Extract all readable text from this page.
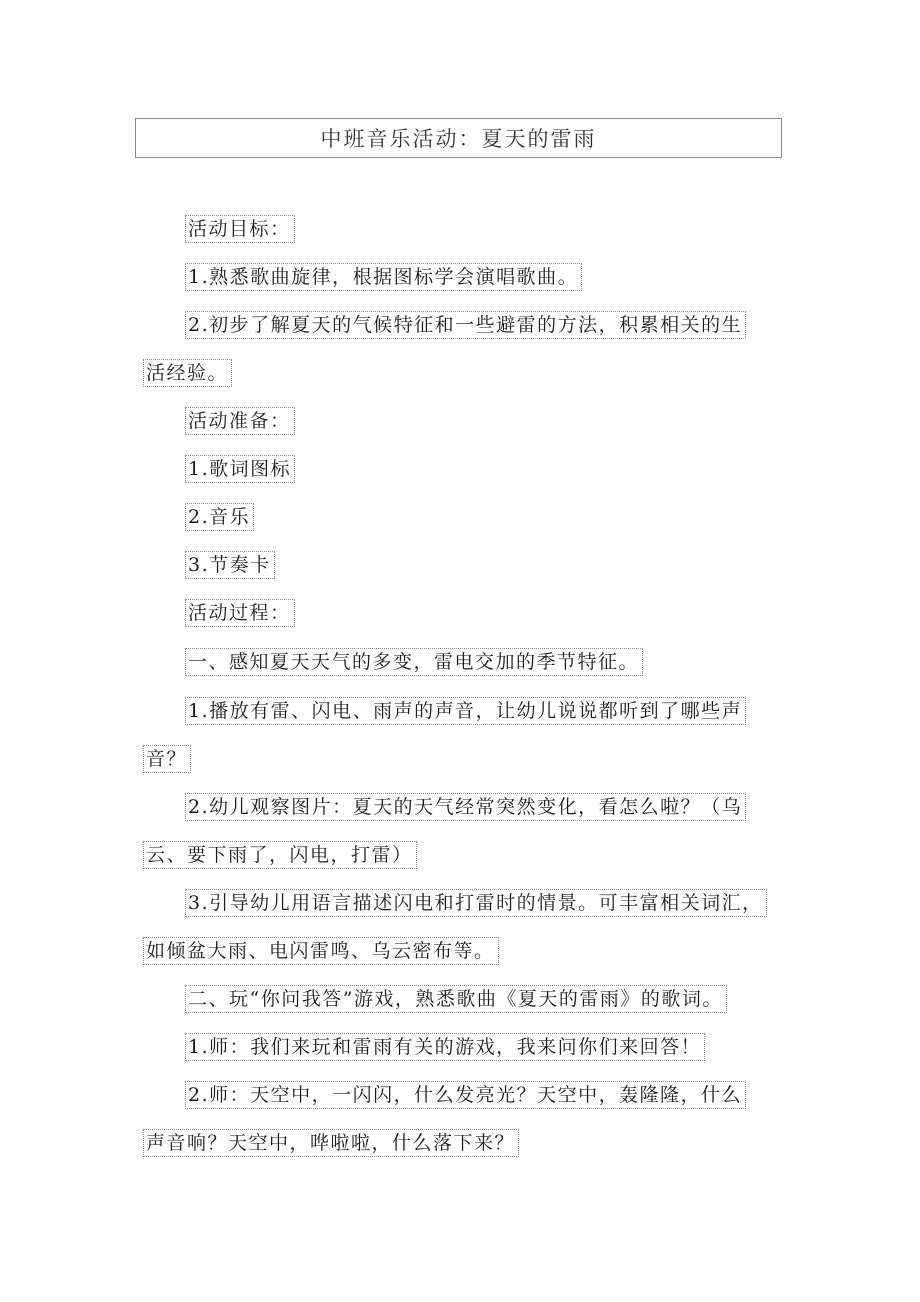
中班音乐活动：夏天的雷雨
活动目标：
1.熟悉歌曲旋律，根据图标学会演唱歌曲。
2.初步了解夏天的气候特征和一些避雷的方法，积累相关的生
活经验。
活动准备：
1.歌词图标
2.音乐
3.节奏卡
活动过程：
一、感知夏天天气的多变，雷电交加的季节特征。
1.播放有雷、闪电、雨声的声音，让幼儿说说都听到了哪些声
音？
2.幼儿观察图片：夏天的天气经常突然变化，看怎么啦？（乌
云、要下雨了，闪电，打雷）
3.引导幼儿用语言描述闪电和打雷时的情景。可丰富相关词汇，
如倾盆大雨、电闪雷鸣、乌云密布等。
二、玩“你问我答”游戏，熟悉歌曲《夏天的雷雨》的歌词。
1.师：我们来玩和雷雨有关的游戏，我来问你们来回答！
2.师：天空中，一闪闪，什么发亮光？天空中，轰隆隆，什么
声音响？天空中，哗啦啦，什么落下来？
